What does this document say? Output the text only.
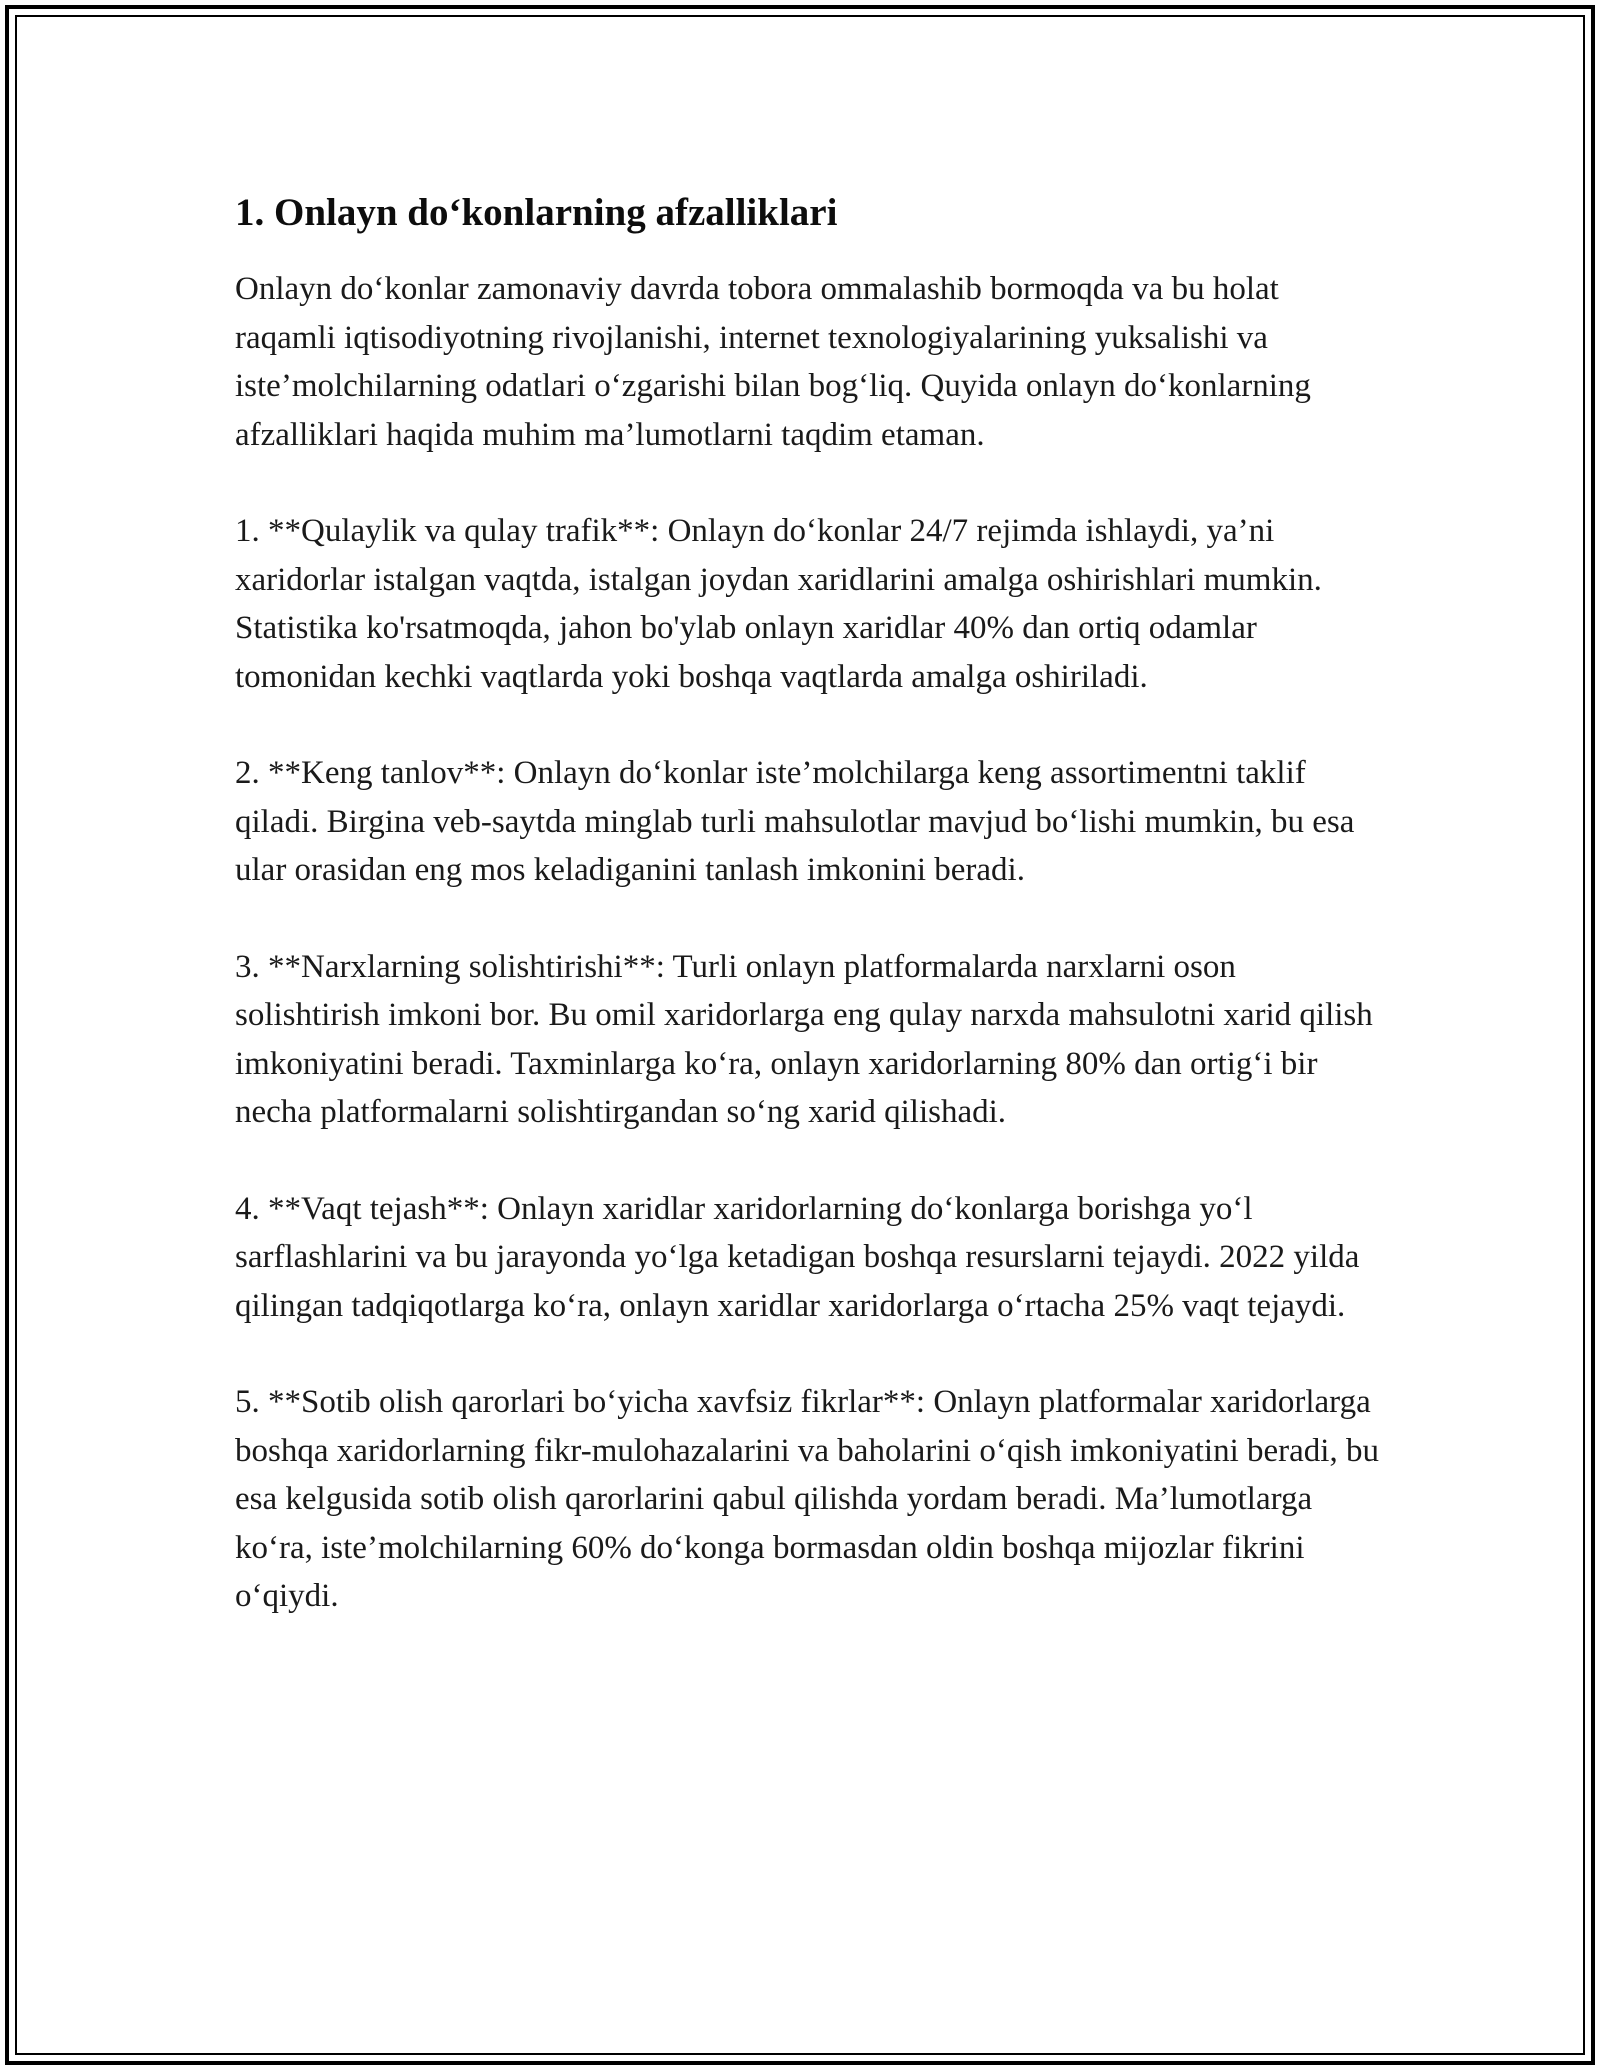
1. Onlayn do‘konlarning afzalliklari

Onlayn do‘konlar zamonaviy davrda tobora ommalashib bormoqda va bu holat raqamli iqtisodiyotning rivojlanishi, internet texnologiyalarining yuksalishi va iste’molchilarning odatlari o‘zgarishi bilan bog‘liq. Quyida onlayn do‘konlarning afzalliklari haqida muhim ma’lumotlarni taqdim etaman.

1. **Qulaylik va qulay trafik**: Onlayn do‘konlar 24/7 rejimda ishlaydi, ya’ni xaridorlar istalgan vaqtda, istalgan joydan xaridlarini amalga oshirishlari mumkin. Statistika ko'rsatmoqda, jahon bo'ylab onlayn xaridlar 40% dan ortiq odamlar tomonidan kechki vaqtlarda yoki boshqa vaqtlarda amalga oshiriladi.

2. **Keng tanlov**: Onlayn do‘konlar iste’molchilarga keng assortimentni taklif qiladi. Birgina veb-saytda minglab turli mahsulotlar mavjud bo‘lishi mumkin, bu esa ular orasidan eng mos keladiganini tanlash imkonini beradi.

3. **Narxlarning solishtirishi**: Turli onlayn platformalarda narxlarni oson solishtirish imkoni bor. Bu omil xaridorlarga eng qulay narxda mahsulotni xarid qilish imkoniyatini beradi. Taxminlarga ko‘ra, onlayn xaridorlarning 80% dan ortig‘i bir necha platformalarni solishtirgandan so‘ng xarid qilishadi.

4. **Vaqt tejash**: Onlayn xaridlar xaridorlarning do‘konlarga borishga yo‘l sarflashlarini va bu jarayonda yo‘lga ketadigan boshqa resurslarni tejaydi. 2022 yilda qilingan tadqiqotlarga ko‘ra, onlayn xaridlar xaridorlarga o‘rtacha 25% vaqt tejaydi.

5. **Sotib olish qarorlari bo‘yicha xavfsiz fikrlar**: Onlayn platformalar xaridorlarga boshqa xaridorlarning fikr-mulohazalarini va baholarini o‘qish imkoniyatini beradi, bu esa kelgusida sotib olish qarorlarini qabul qilishda yordam beradi. Ma’lumotlarga ko‘ra, iste’molchilarning 60% do‘konga bormasdan oldin boshqa mijozlar fikrini o‘qiydi.
